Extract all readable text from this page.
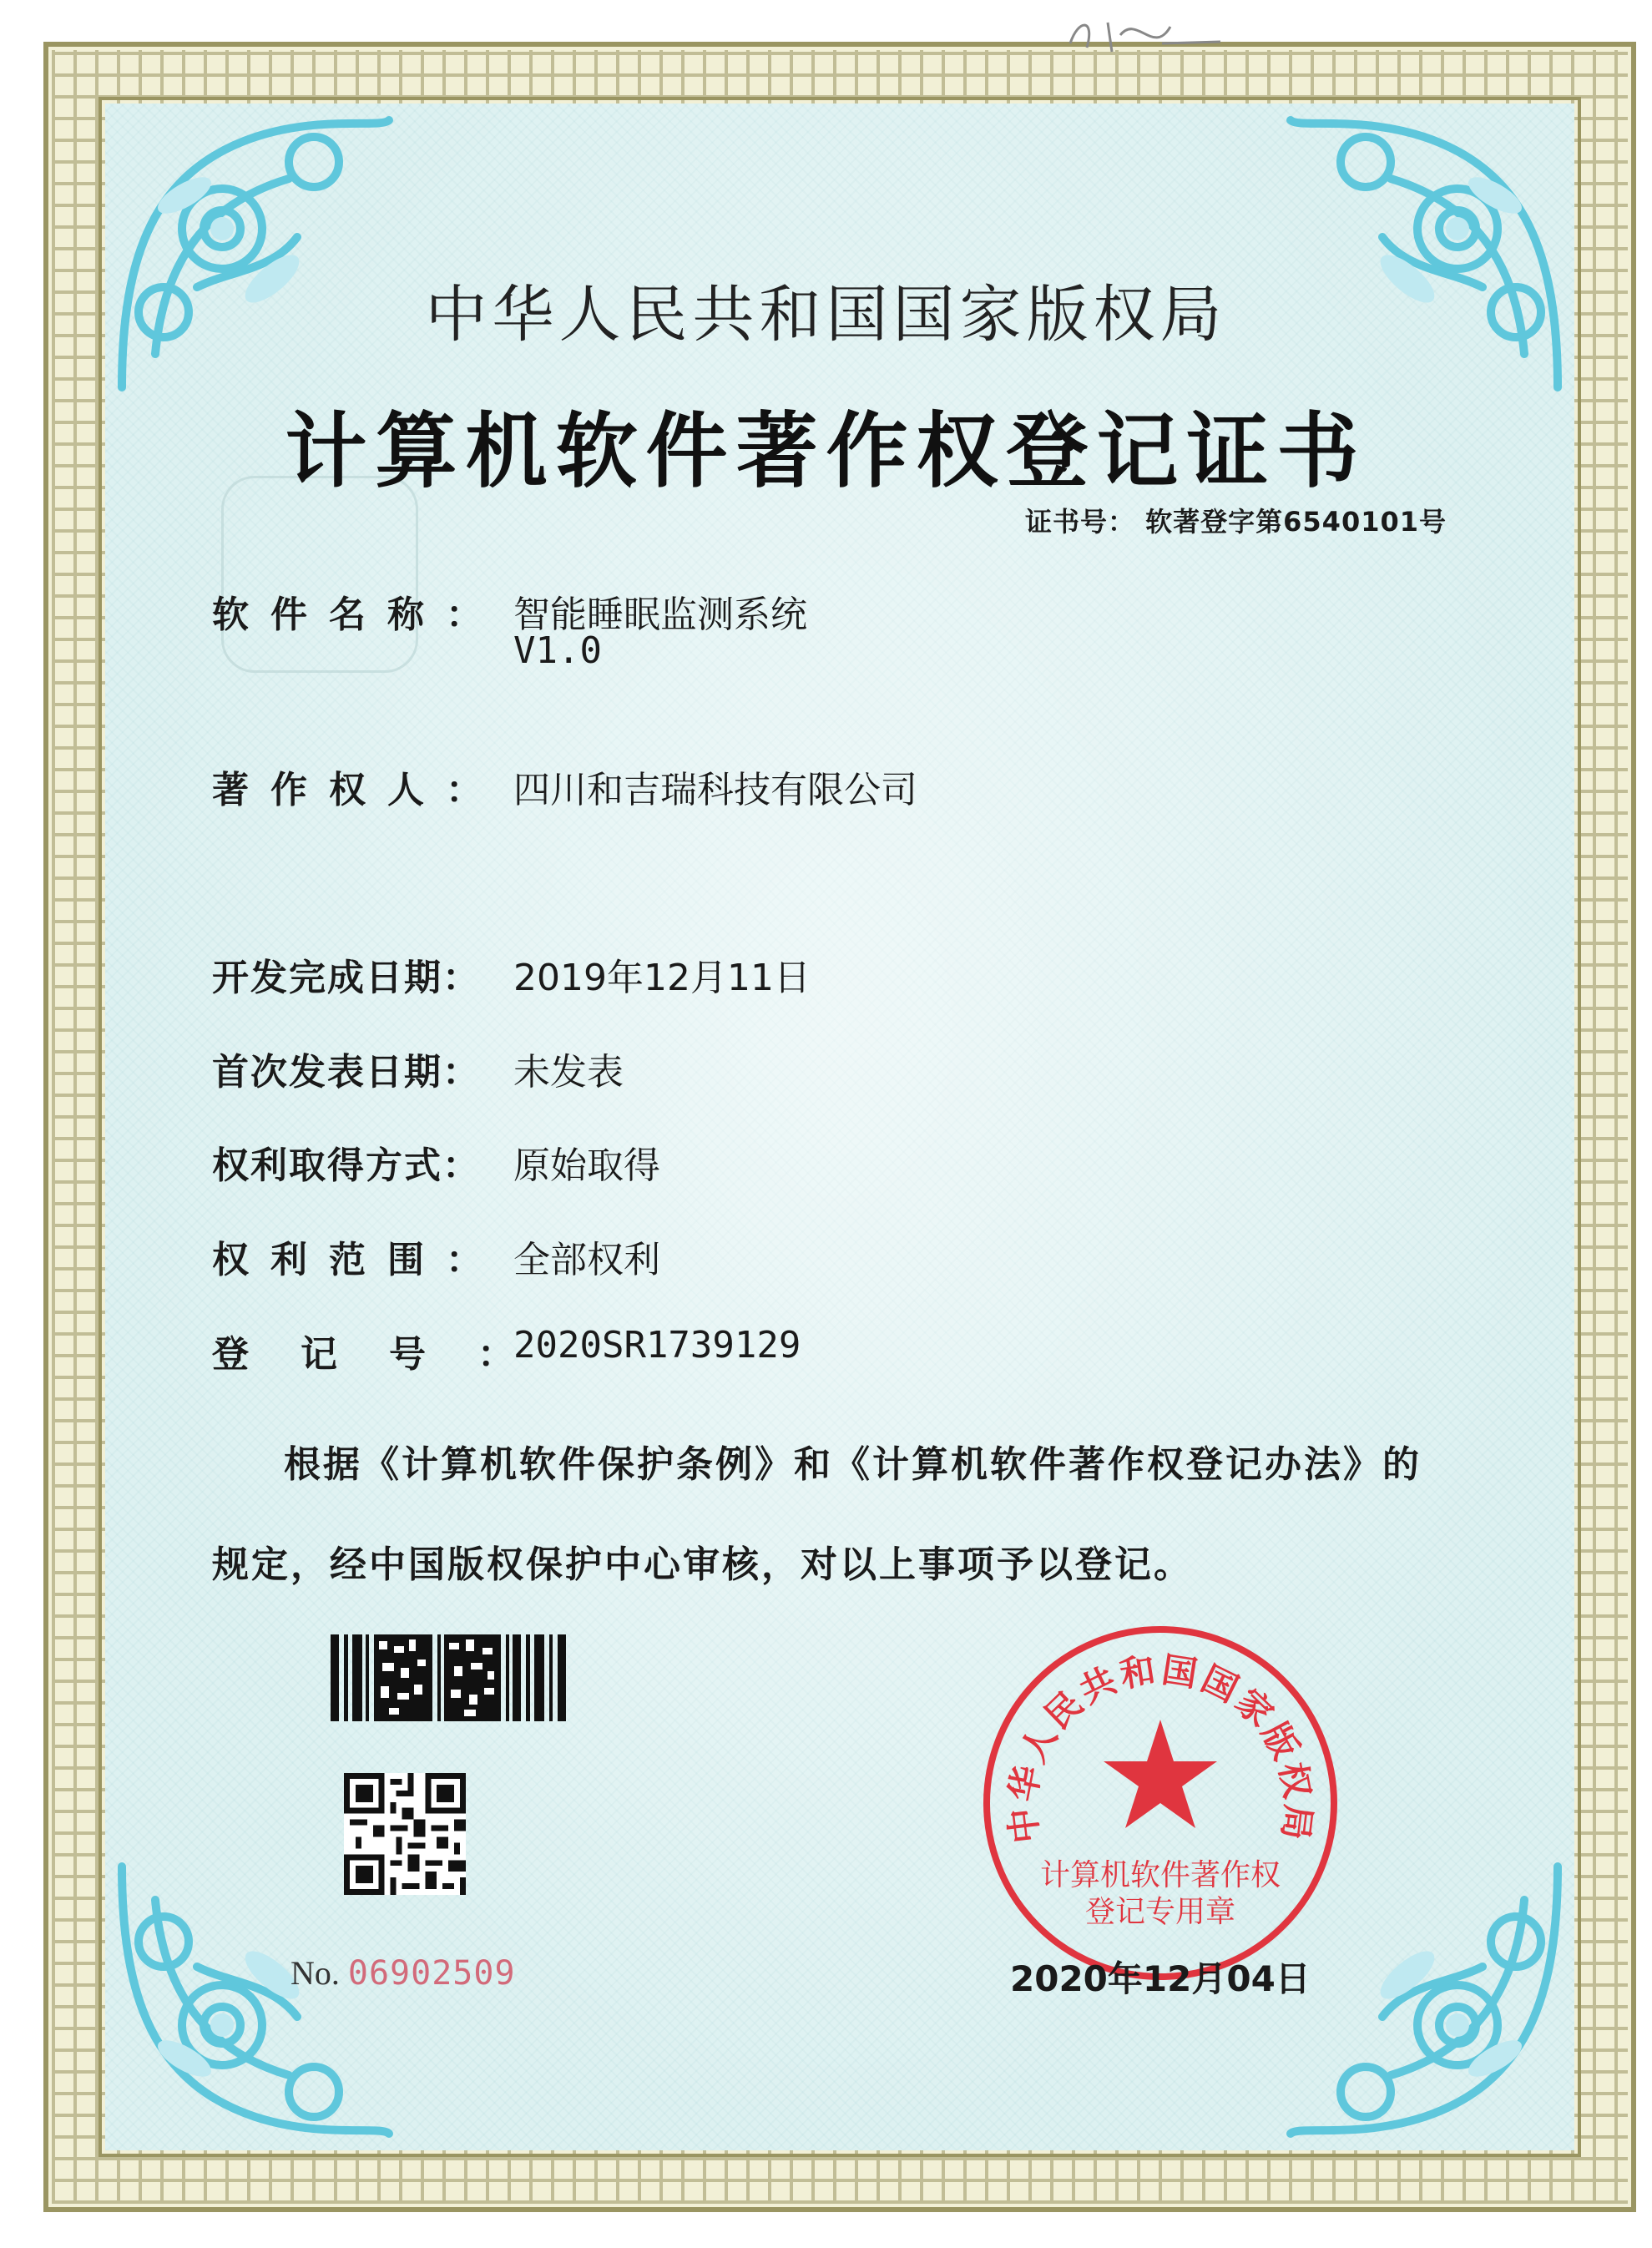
中华人民共和国国家版权局
计算机软件著作权登记证书
证书号： 软著登字第6540101号
软件名称： 智能睡眠监测系统
V1.0
著作权人： 四川和吉瑞科技有限公司
开发完成日期： 2019年12月11日
首次发表日期： 未发表
权利取得方式： 原始取得
权利范围： 全部权利
登记号：
2020SR1739129
根据《计算机软件保护条例》和《计算机软件著作权登记办法》的
规定，经中国版权保护中心审核，对以上事项予以登记。
No. 06902509
中华人民共和国国家版权局
计算机软件著作权
登记专用章
2020年12月04日
